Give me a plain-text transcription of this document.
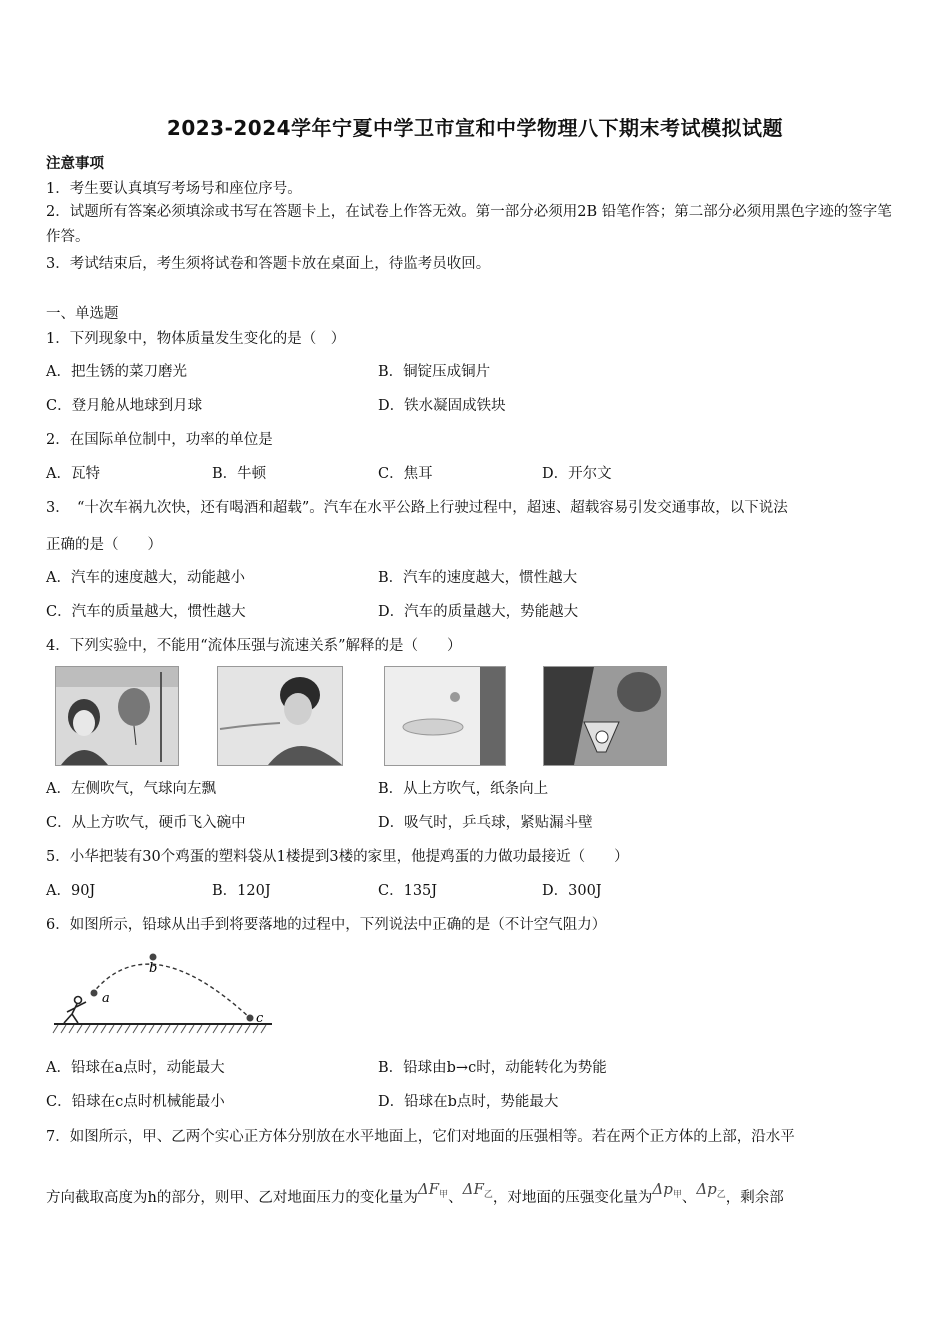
2023-2024学年宁夏中学卫市宣和中学物理八下期末考试模拟试题
注意事项
1．考生要认真填写考场号和座位序号。
2．试题所有答案必须填涂或书写在答题卡上，在试卷上作答无效。第一部分必须用2B 铅笔作答；第二部分必须用黑色字迹的签字笔作答。
3．考试结束后，考生须将试卷和答题卡放在桌面上，待监考员收回。
一、单选题
1．下列现象中，物体质量发生变化的是（　）
A．把生锈的菜刀磨光	B．铜锭压成铜片
C．登月舱从地球到月球	D．铁水凝固成铁块
2．在国际单位制中，功率的单位是
A．瓦特	B．牛顿	C．焦耳	D．开尔文
3．　“十次车祸九次快，还有喝酒和超载”。汽车在水平公路上行驶过程中，超速、超载容易引发交通事故，以下说法
正确的是（　　）
A．汽车的速度越大，动能越小	B．汽车的速度越大，惯性越大
C．汽车的质量越大，惯性越大	D．汽车的质量越大，势能越大
4．下列实验中，不能用“流体压强与流速关系”解释的是（　　）
A．左侧吹气，气球向左飘	B．从上方吹气，纸条向上
C．从上方吹气，硬币飞入碗中	D．吸气时，乒乓球，紧贴漏斗壁
5．小华把装有30个鸡蛋的塑料袋从1楼提到3楼的家里，他提鸡蛋的力做功最接近（　　）
A．90J	B．120J	C．135J	D．300J
6．如图所示，铅球从出手到将要落地的过程中，下列说法中正确的是（不计空气阻力）
a
b
c
A．铅球在a点时，动能最大	B．铅球由b→c时，动能转化为势能
C．铅球在c点时机械能最小	D．铅球在b点时，势能最大
7．如图所示，甲、乙两个实心正方体分别放在水平地面上，它们对地面的压强相等。若在两个正方体的上部，沿水平
方向截取高度为h的部分，则甲、乙对地面压力的变化量为$\Delta F_甲$、$\Delta F_乙$，对地面的压强变化量为$\Delta p_甲$、$\Delta p_乙$，剩余部
